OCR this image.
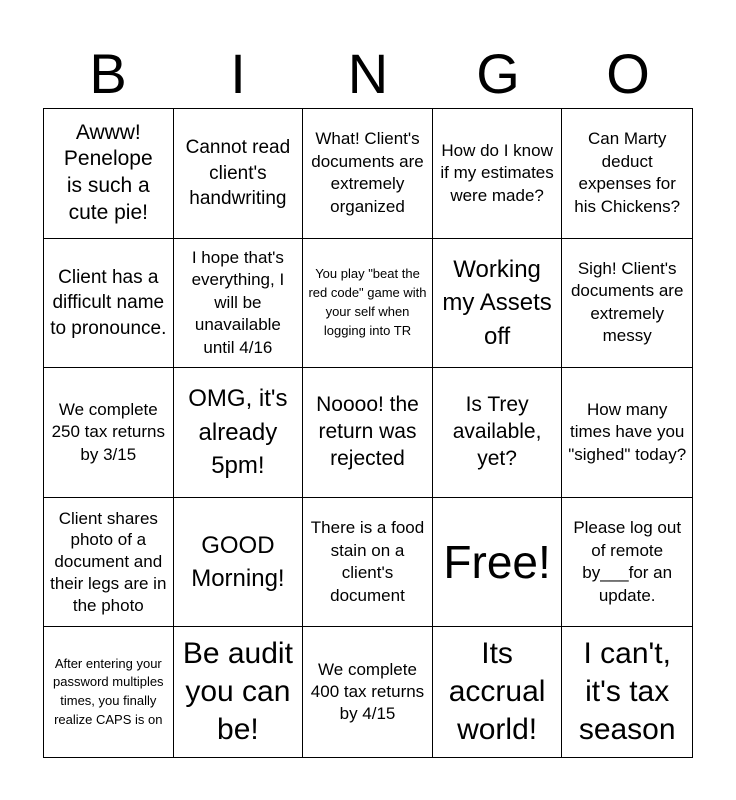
B	I	N	G	O
Awww! Penelope is such a cute pie!
Cannot read client's handwriting
What! Client's documents are extremely organized
How do I know if my estimates were made?
Can Marty deduct expenses for his Chickens?
Client has a difficult name to pronounce.
I hope that's everything, I will be unavailable until 4/16
You play "beat the red code" game with your self when logging into TR
Working my Assets off
Sigh! Client's documents are extremely messy
We complete 250 tax returns by 3/15
OMG, it's already 5pm!
Noooo! the return was rejected
Is Trey available, yet?
How many times have you "sighed" today?
Client shares photo of a document and their legs are in the photo
GOOD Morning!
There is a food stain on a client's document
Free!
Please log out of remote by___for an update.
After entering your password multiples times, you finally realize CAPS is on
Be audit you can be!
We complete 400 tax returns by 4/15
Its accrual world!
I can't, it's tax season
